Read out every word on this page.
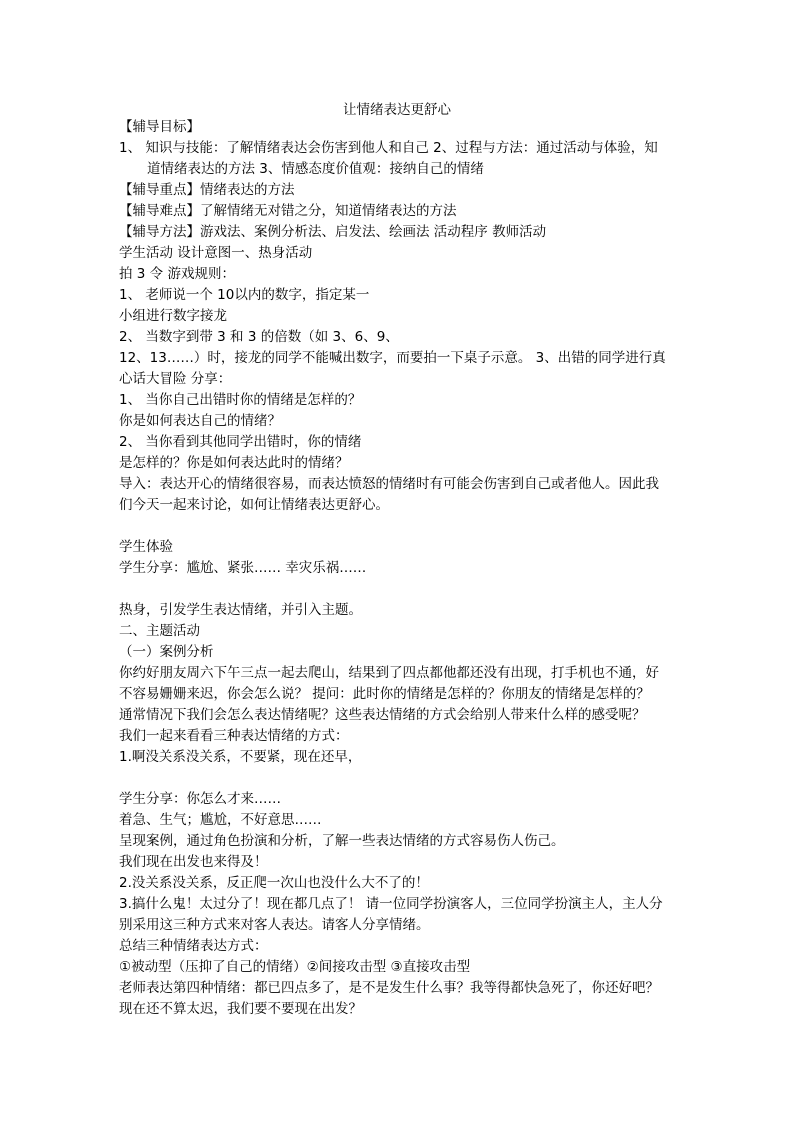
让情绪表达更舒心
【辅导目标】
1、 知识与技能：了解情绪表达会伤害到他人和自己 2、过程与方法：通过活动与体验，知
道情绪表达的方法 3、情感态度价值观：接纳自己的情绪
【辅导重点】情绪表达的方法
【辅导难点】了解情绪无对错之分，知道情绪表达的方法
【辅导方法】游戏法、案例分析法、启发法、绘画法 活动程序 教师活动
学生活动 设计意图一、热身活动
拍 3 令 游戏规则：
1、 老师说一个 10以内的数字，指定某一
小组进行数字接龙
2、 当数字到带 3 和 3 的倍数（如 3、6、9、
12、13……）时，接龙的同学不能喊出数字，而要拍一下桌子示意。 3、出错的同学进行真
心话大冒险 分享：
1、 当你自己出错时你的情绪是怎样的？
你是如何表达自己的情绪？
2、 当你看到其他同学出错时，你的情绪
是怎样的？你是如何表达此时的情绪？
导入：表达开心的情绪很容易，而表达愤怒的情绪时有可能会伤害到自己或者他人。因此我
们今天一起来讨论，如何让情绪表达更舒心。
学生体验
学生分享：尴尬、紧张…… 幸灾乐祸……
热身，引发学生表达情绪，并引入主题。
二、主题活动
（一）案例分析
你约好朋友周六下午三点一起去爬山，结果到了四点都他都还没有出现，打手机也不通，好
不容易姗姗来迟，你会怎么说？ 提问：此时你的情绪是怎样的？你朋友的情绪是怎样的？
通常情况下我们会怎么表达情绪呢？这些表达情绪的方式会给别人带来什么样的感受呢？
我们一起来看看三种表达情绪的方式：
1.啊没关系没关系，不要紧，现在还早，
学生分享：你怎么才来……
着急、生气；尴尬，不好意思……
呈现案例，通过角色扮演和分析，了解一些表达情绪的方式容易伤人伤己。
我们现在出发也来得及！
2.没关系没关系，反正爬一次山也没什么大不了的！
3.搞什么鬼！太过分了！现在都几点了！ 请一位同学扮演客人，三位同学扮演主人，主人分
别采用这三种方式来对客人表达。请客人分享情绪。
总结三种情绪表达方式：
①被动型（压抑了自己的情绪）②间接攻击型 ③直接攻击型
老师表达第四种情绪：都已四点多了，是不是发生什么事？我等得都快急死了，你还好吧？
现在还不算太迟，我们要不要现在出发？
